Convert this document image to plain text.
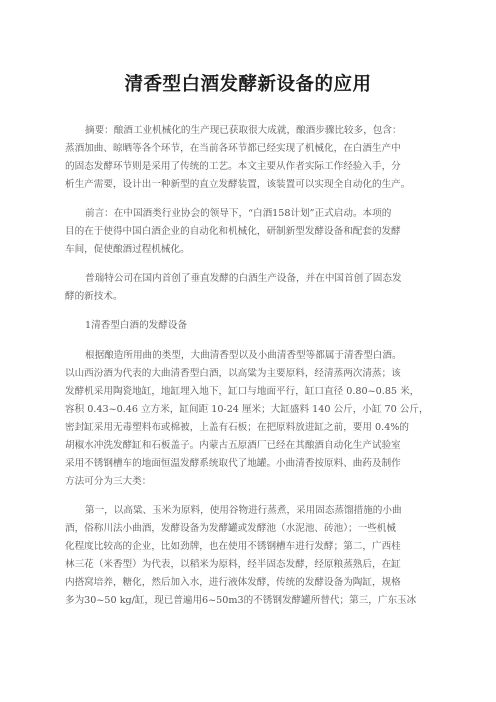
清香型白酒发酵新设备的应用
摘要：酿酒工业机械化的生产现已获取很大成就，酿酒步骤比较多，包含：
蒸酒加曲、晾晒等各个环节，在当前各环节都已经实现了机械化，在白酒生产中
的固态发酵环节则是采用了传统的工艺。本文主要从作者实际工作经验入手，分
析生产需要，设计出一种新型的直立发酵装置，该装置可以实现全自动化的生产。
前言：在中国酒类行业协会的领导下，“白酒158计划”正式启动。本项的
目的在于使得中国白酒企业的自动化和机械化，研制新型发酵设备和配套的发酵
车间，促使酿酒过程机械化。
普瑞特公司在国内首创了垂直发酵的白酒生产设备，并在中国首创了固态发
酵的新技术。
1清香型白酒的发酵设备
根据酿造所用曲的类型，大曲清香型以及小曲清香型等都属于清香型白酒。
以山西汾酒为代表的大曲清香型白酒，以高粱为主要原料，经清蒸两次清蒸；该
发酵机采用陶瓷地缸，地缸埋入地下，缸口与地面平行，缸口直径 0.80~0.85 米，
容积 0.43~0.46 立方米，缸间距 10-24 厘米；大缸盛料 140 公斤，小缸 70 公斤，
密封缸采用无毒塑料布或棉被，上盖有石板；在把原料放进缸之前，要用 0.4%的
胡椒水冲洗发酵缸和石板盖子。内蒙古五原酒厂已经在其酿酒自动化生产试验室
采用不锈钢槽车的地面恒温发酵系统取代了地罐。小曲清香按原料、曲药及制作
方法可分为三大类：
第一，以高粱、玉米为原料，使用谷物进行蒸煮，采用固态蒸馏措施的小曲
酒，俗称川法小曲酒，发酵设备为发酵罐或发酵池（水泥池、砖池）；一些机械
化程度比较高的企业，比如劲牌，也在使用不锈钢槽车进行发酵；第二，广西桂
林三花（米香型）为代表，以稻米为原料，经半固态发酵，经原粮蒸熟后，在缸
内搭窝培养，糖化，然后加入水，进行液体发酵，传统的发酵设备为陶缸，规格
多为30~50 kg/缸，现已普遍用6~50m3的不锈钢发酵罐所替代；第三，广东玉冰
